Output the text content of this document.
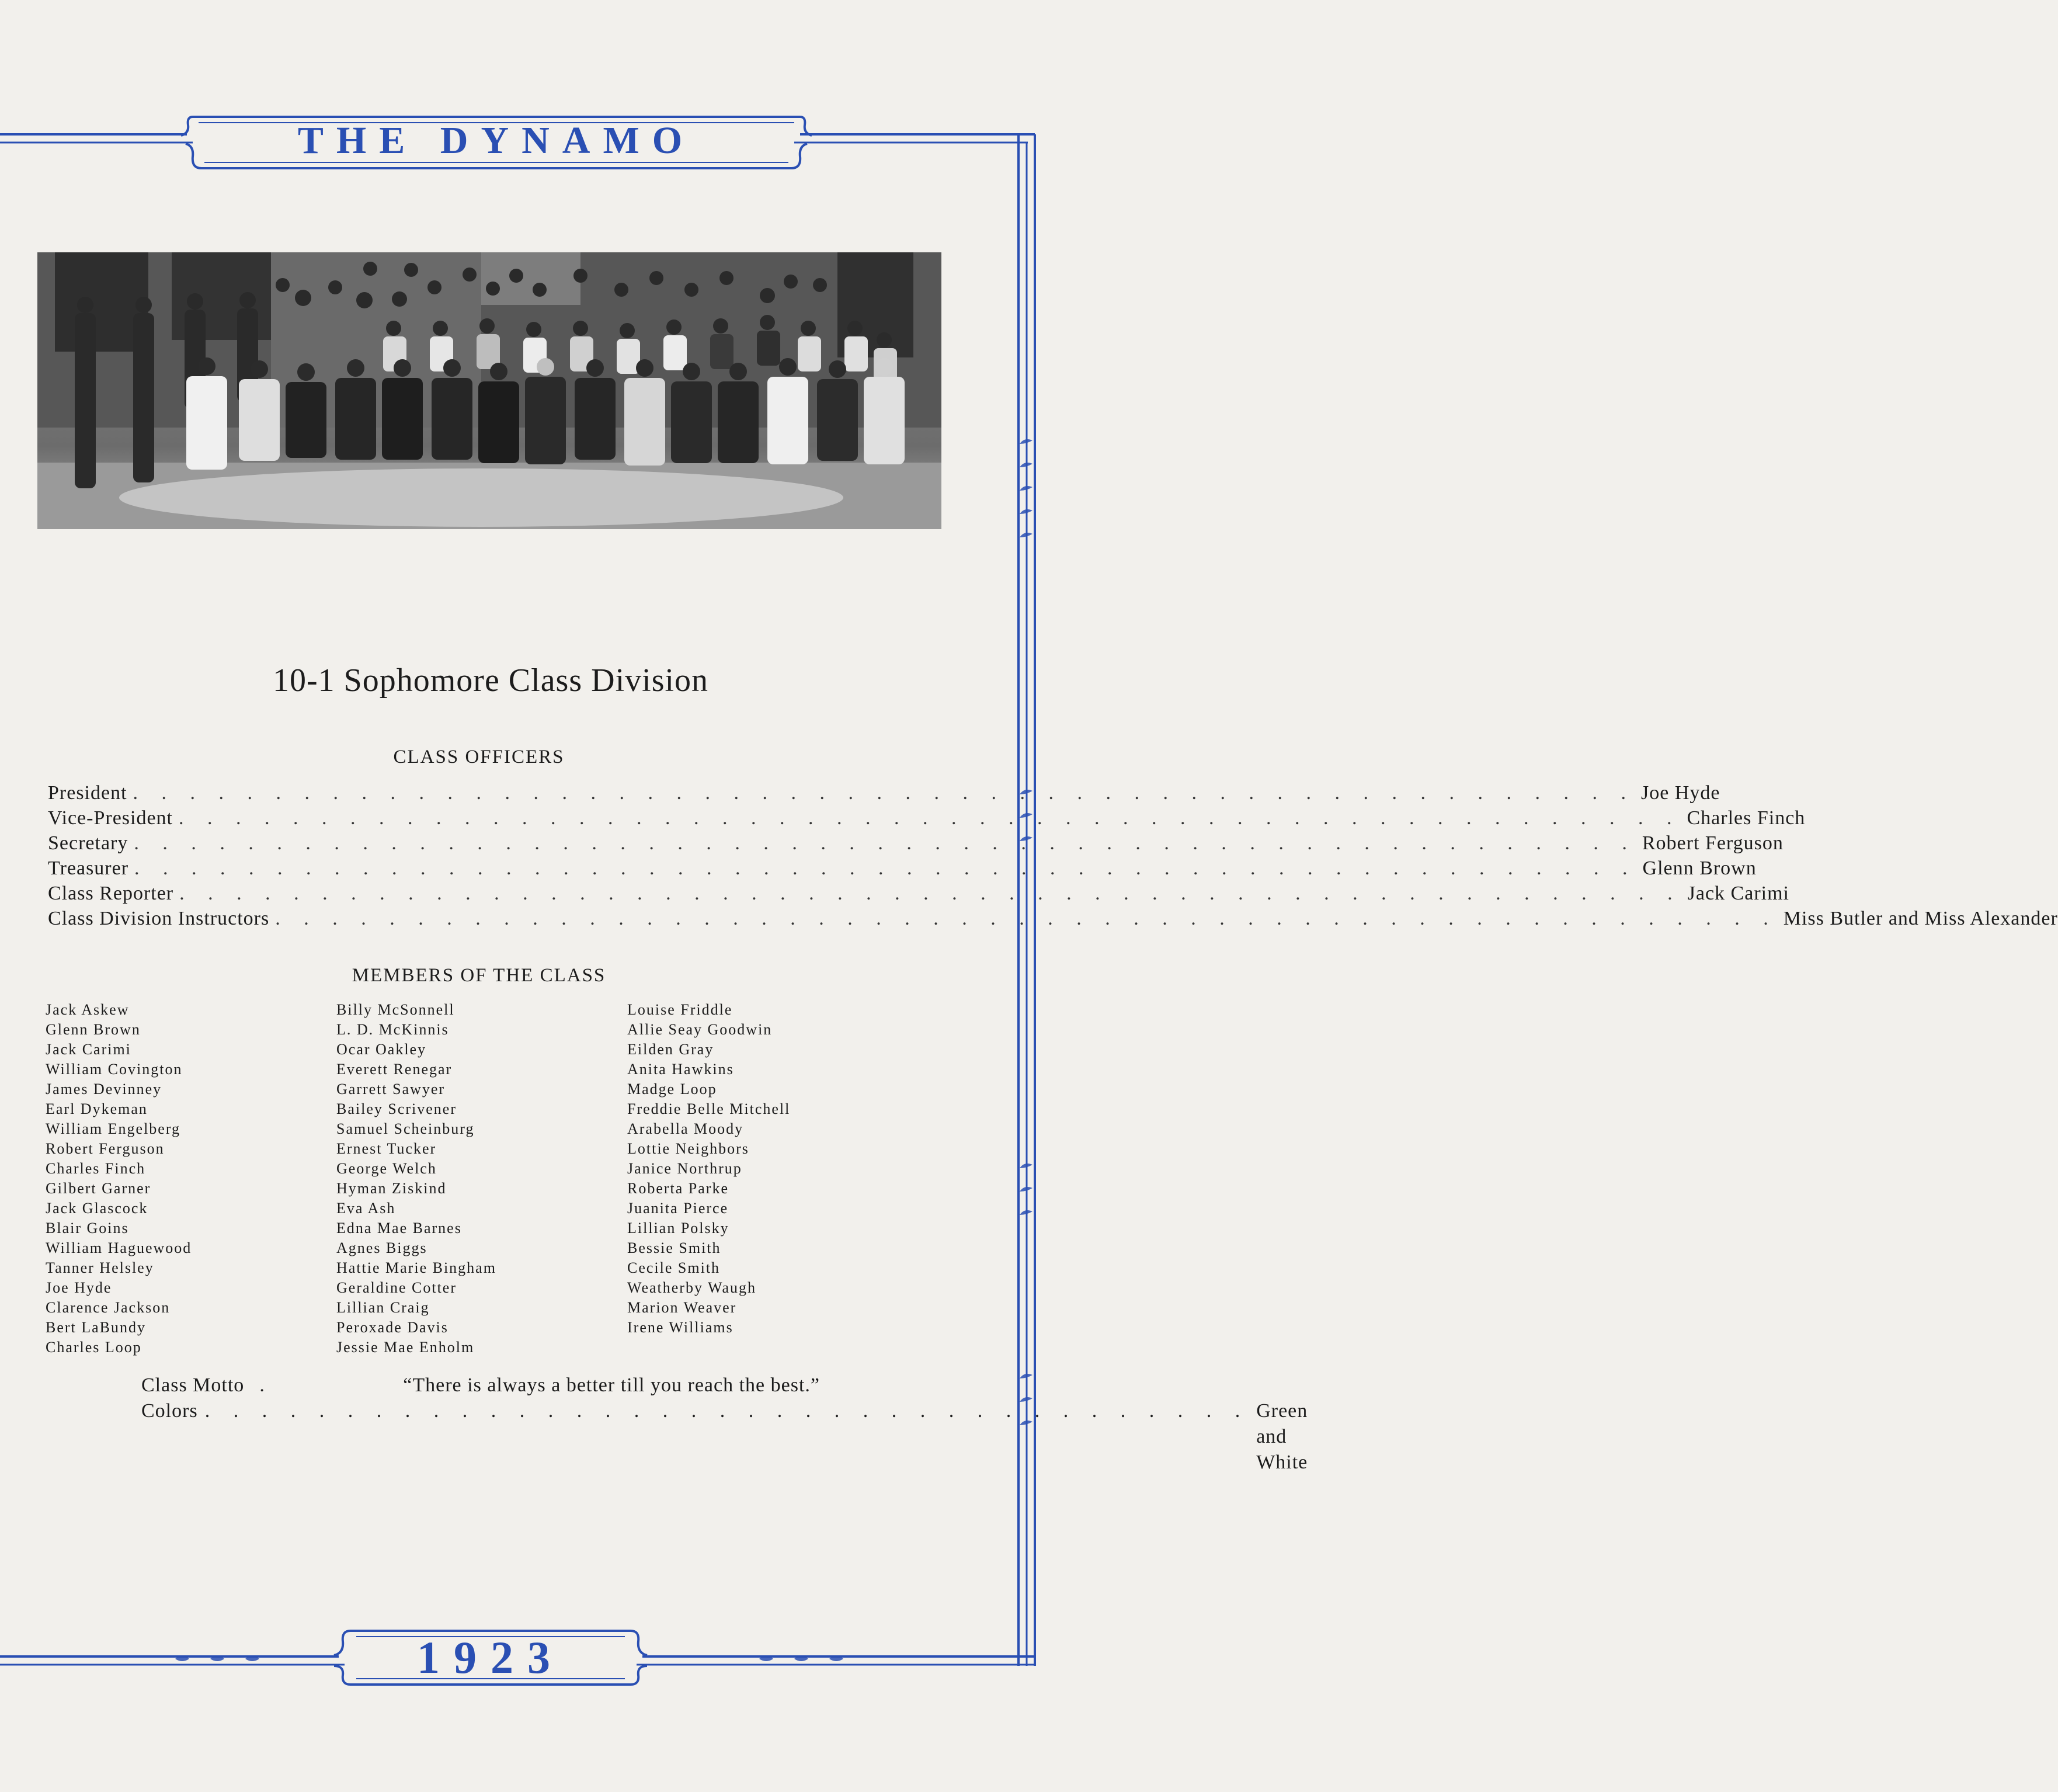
THE DYNAMO
10-1 Sophomore Class Division
CLASS OFFICERS
President . . . . . . . . . . . . . . . . . . . . . . . . . . . . . . . . . . . . . . . . . . . . . . . . . . . . . Joe Hyde
Vice-President . . . . . . . . . . . . . . . . . . . . . . . . . . . . . . . . . . . . . . . . . . . . . . . . . . . . . Charles Finch
Secretary . . . . . . . . . . . . . . . . . . . . . . . . . . . . . . . . . . . . . . . . . . . . . . . . . . . . . Robert Ferguson
Treasurer . . . . . . . . . . . . . . . . . . . . . . . . . . . . . . . . . . . . . . . . . . . . . . . . . . . . . Glenn Brown
Class Reporter . . . . . . . . . . . . . . . . . . . . . . . . . . . . . . . . . . . . . . . . . . . . . . . . . . . . . Jack Carimi
Class Division Instructors . . . . . . . . . . . . . . . . . . . . . . . . . . . . . . . . . . . . . . . . . . . . . . . . . . . . . Miss Butler and Miss Alexander
MEMBERS OF THE CLASS
Jack Askew
Glenn Brown
Jack Carimi
William Covington
James Devinney
Earl Dykeman
William Engelberg
Robert Ferguson
Charles Finch
Gilbert Garner
Jack Glascock
Blair Goins
William Haguewood
Tanner Helsley
Joe Hyde
Clarence Jackson
Bert LaBundy
Charles Loop
Billy McSonnell
L. D. McKinnis
Ocar Oakley
Everett Renegar
Garrett Sawyer
Bailey Scrivener
Samuel Scheinburg
Ernest Tucker
George Welch
Hyman Ziskind
Eva Ash
Edna Mae Barnes
Agnes Biggs
Hattie Marie Bingham
Geraldine Cotter
Lillian Craig
Peroxade Davis
Jessie Mae Enholm
Louise Friddle
Allie Seay Goodwin
Eilden Gray
Anita Hawkins
Madge Loop
Freddie Belle Mitchell
Arabella Moody
Lottie Neighbors
Janice Northrup
Roberta Parke
Juanita Pierce
Lillian Polsky
Bessie Smith
Cecile Smith
Weatherby Waugh
Marion Weaver
Irene Williams
Class Motto .	“There is always a better till you reach the best.”
Colors . . . . . . . . . . . . . . . . . . . . . . . . . . . . . . . . . . . . . Green and White
1923
